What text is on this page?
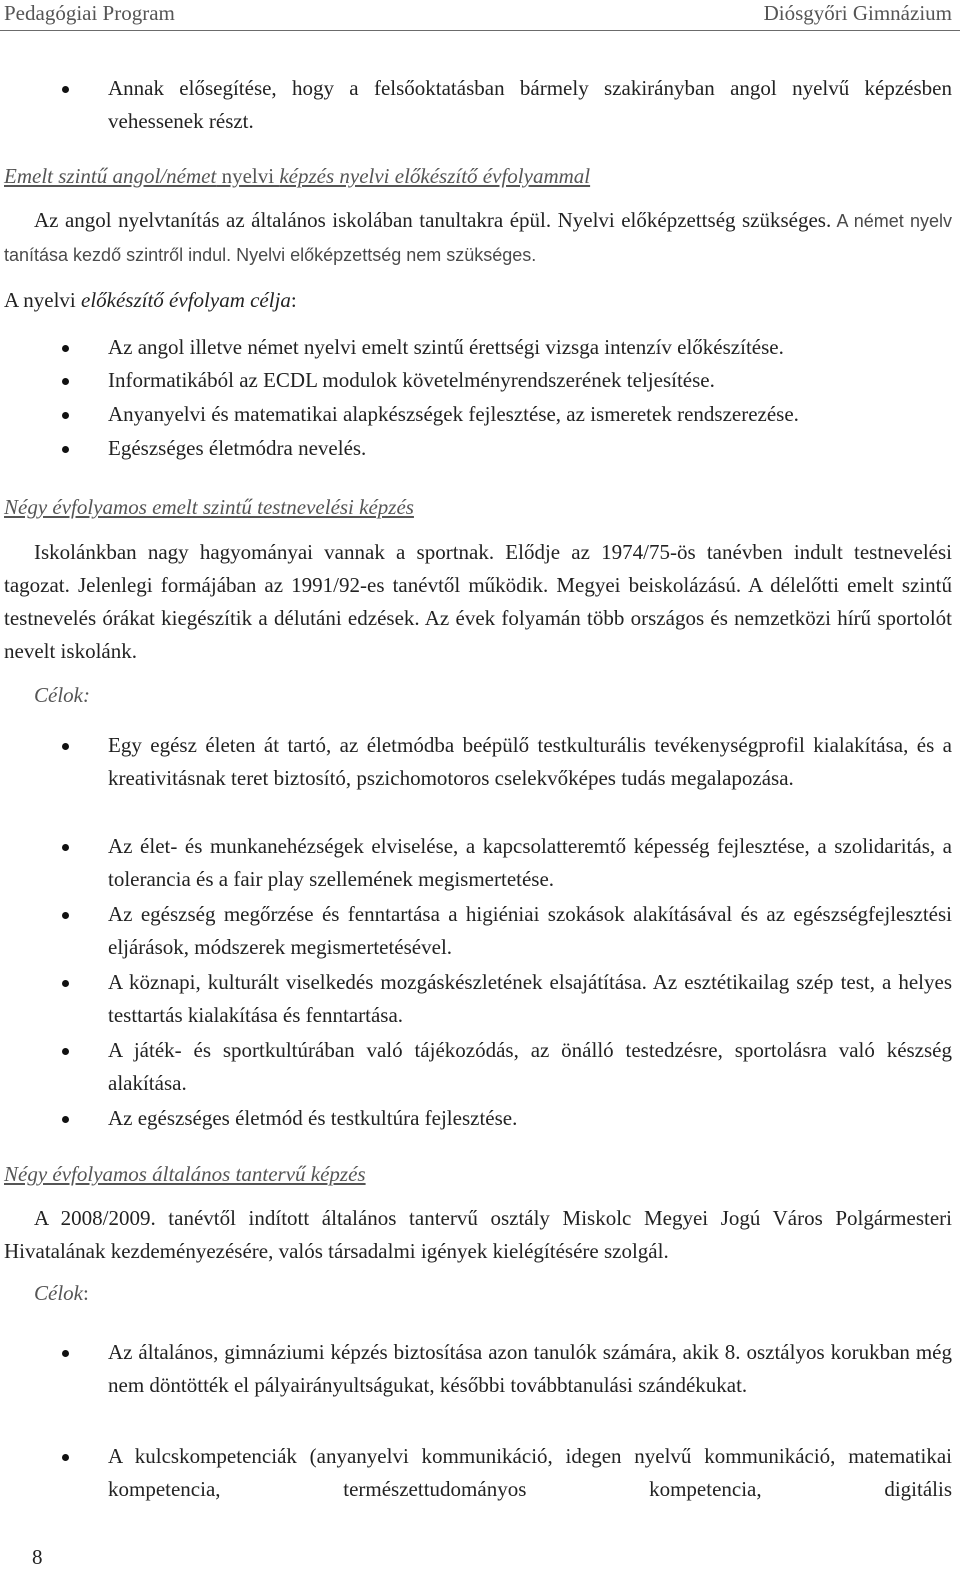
Pedagógiai Program	Diósgyőri Gimnázium
Annak elősegítése, hogy a felsőoktatásban bármely szakirányban angol nyelvű képzésben vehessenek részt.
Emelt szintű angol/német nyelvi képzés nyelvi előkészítő évfolyammal
Az angol nyelvtanítás az általános iskolában tanultakra épül. Nyelvi előképzettség szükséges. A német nyelv tanítása kezdő szintről indul. Nyelvi előképzettség nem szükséges.
A nyelvi előkészítő évfolyam célja:
Az angol illetve német nyelvi emelt szintű érettségi vizsga intenzív előkészítése.
Informatikából az ECDL modulok követelményrendszerének teljesítése.
Anyanyelvi és matematikai alapkészségek fejlesztése, az ismeretek rendszerezése.
Egészséges életmódra nevelés.
Négy évfolyamos emelt szintű testnevelési képzés
Iskolánkban nagy hagyományai vannak a sportnak. Elődje az 1974/75-ös tanévben indult testnevelési tagozat. Jelenlegi formájában az 1991/92-es tanévtől működik. Megyei beiskolázású. A délelőtti emelt szintű testnevelés órákat kiegészítik a délutáni edzések. Az évek folyamán több országos és nemzetközi hírű sportolót nevelt iskolánk.
Célok:
Egy egész életen át tartó, az életmódba beépülő testkulturális tevékenységprofil kialakítása, és a kreativitásnak teret biztosító, pszichomotoros cselekvőképes tudás megalapozása.
Az élet- és munkanehézségek elviselése, a kapcsolatteremtő képesség fejlesztése, a szolidaritás, a tolerancia és a fair play szellemének megismertetése.
Az egészség megőrzése és fenntartása a higiéniai szokások alakításával és az egészségfejlesztési eljárások, módszerek megismertetésével.
A köznapi, kulturált viselkedés mozgáskészletének elsajátítása. Az esztétikailag szép test, a helyes testtartás kialakítása és fenntartása.
A játék- és sportkultúrában való tájékozódás, az önálló testedzésre, sportolásra való készség alakítása.
Az egészséges életmód és testkultúra fejlesztése.
Négy évfolyamos általános tantervű képzés
A 2008/2009. tanévtől indított általános tantervű osztály Miskolc Megyei Jogú Város Polgármesteri Hivatalának kezdeményezésére, valós társadalmi igények kielégítésére szolgál.
Célok:
Az általános, gimnáziumi képzés biztosítása azon tanulók számára, akik 8. osztályos korukban még nem döntötték el pályairányultságukat, későbbi továbbtanulási szándékukat.
A kulcskompetenciák (anyanyelvi kommunikáció, idegen nyelvű kommunikáció, matematikai kompetencia, természettudományos kompetencia, digitális
8
